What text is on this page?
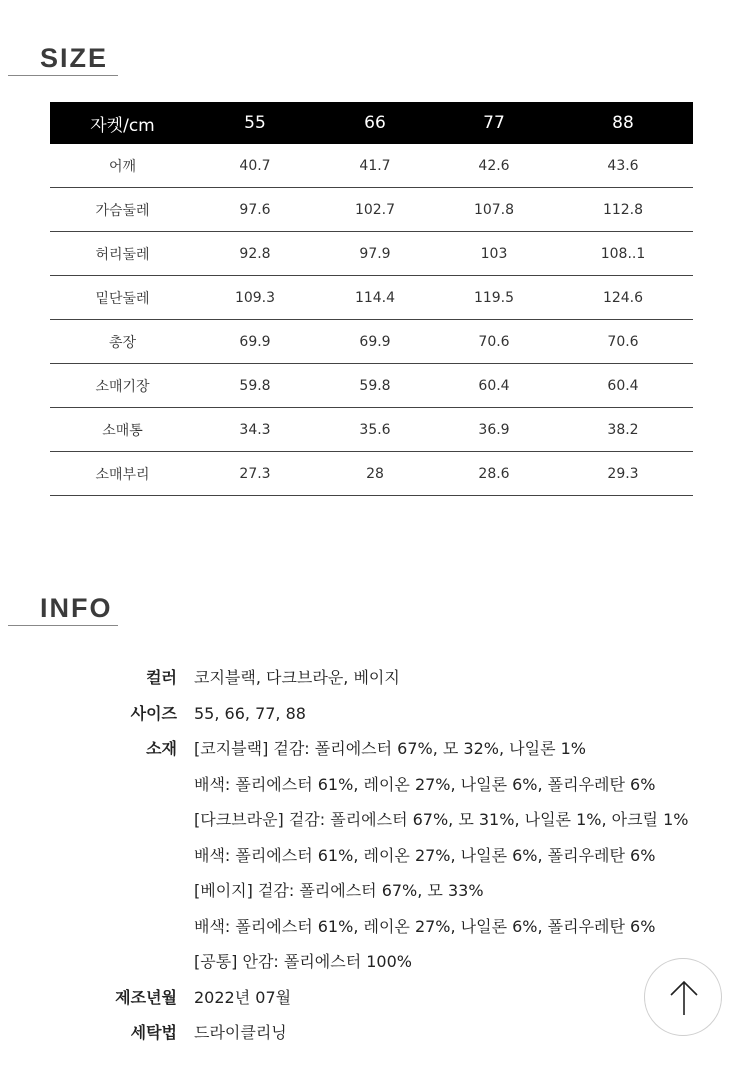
SIZE
자켓/cm	55	66	77	88
어깨	40.7	41.7	42.6	43.6
가슴둘레	97.6	102.7	107.8	112.8
허리둘레	92.8	97.9	103	108..1
밑단둘레	109.3	114.4	119.5	124.6
총장	69.9	69.9	70.6	70.6
소매기장	59.8	59.8	60.4	60.4
소매통	34.3	35.6	36.9	38.2
소매부리	27.3	28	28.6	29.3
INFO
컬러 코지블랙, 다크브라운, 베이지
사이즈 55, 66, 77, 88
소재 [코지블랙] 겉감: 폴리에스터 67%, 모 32%, 나일론 1%
배색: 폴리에스터 61%, 레이온 27%, 나일론 6%, 폴리우레탄 6%
[다크브라운] 겉감: 폴리에스터 67%, 모 31%, 나일론 1%, 아크릴 1%
배색: 폴리에스터 61%, 레이온 27%, 나일론 6%, 폴리우레탄 6%
[베이지] 겉감: 폴리에스터 67%, 모 33%
배색: 폴리에스터 61%, 레이온 27%, 나일론 6%, 폴리우레탄 6%
[공통] 안감: 폴리에스터 100%
제조년월 2022년 07월
세탁법 드라이클리닝
